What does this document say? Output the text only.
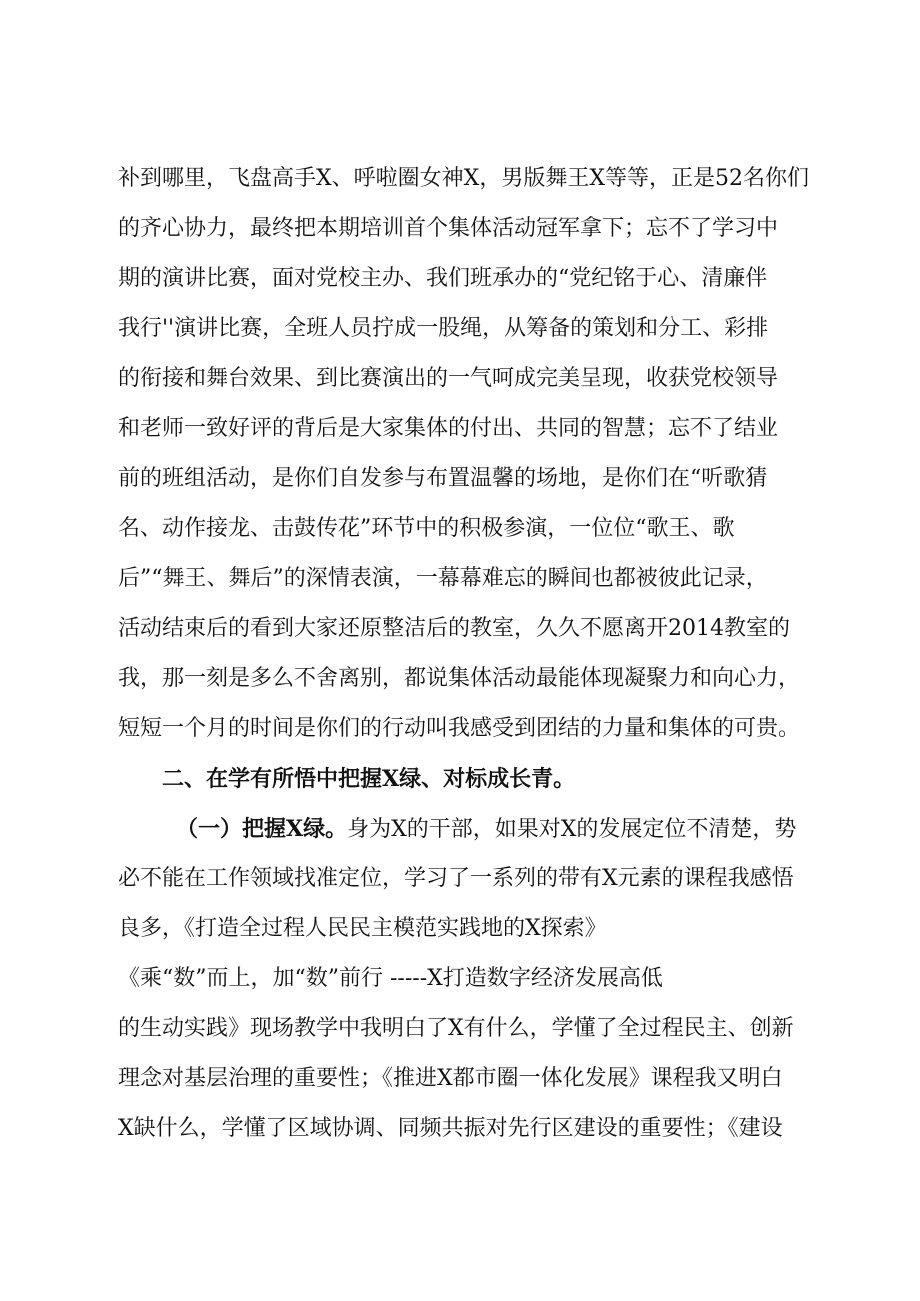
补到哪里，飞盘高手X、呼啦圈女神X，男版舞王X等等，正是52名你们
的齐心协力，最终把本期培训首个集体活动冠军拿下；忘不了学习中
期的演讲比赛，面对党校主办、我们班承办的“党纪铭于心、清廉伴
我行''演讲比赛，全班人员拧成一股绳，从筹备的策划和分工、彩排
的衔接和舞台效果、到比赛演出的一气呵成完美呈现，收获党校领导
和老师一致好评的背后是大家集体的付出、共同的智慧；忘不了结业
前的班组活动，是你们自发参与布置温馨的场地，是你们在“听歌猜
名、动作接龙、击鼓传花”环节中的积极参演，一位位“歌王、歌
后”“舞王、舞后”的深情表演，一幕幕难忘的瞬间也都被彼此记录，
活动结束后的看到大家还原整洁后的教室，久久不愿离开2014教室的
我，那一刻是多么不舍离别，都说集体活动最能体现凝聚力和向心力，
短短一个月的时间是你们的行动叫我感受到团结的力量和集体的可贵。
二、在学有所悟中把握X绿、对标成长青。
（一）把握X绿。身为X的干部，如果对X的发展定位不清楚，势
必不能在工作领域找准定位，学习了一系列的带有X元素的课程我感悟
良多，《打造全过程人民民主模范实践地的X探索》
《乘“数”而上，加“数”前行 -----X打造数字经济发展高低
的生动实践》现场教学中我明白了X有什么，学懂了全过程民主、创新
理念对基层治理的重要性；《推进X都市圈一体化发展》课程我又明白
X缺什么，学懂了区域协调、同频共振对先行区建设的重要性；《建设
